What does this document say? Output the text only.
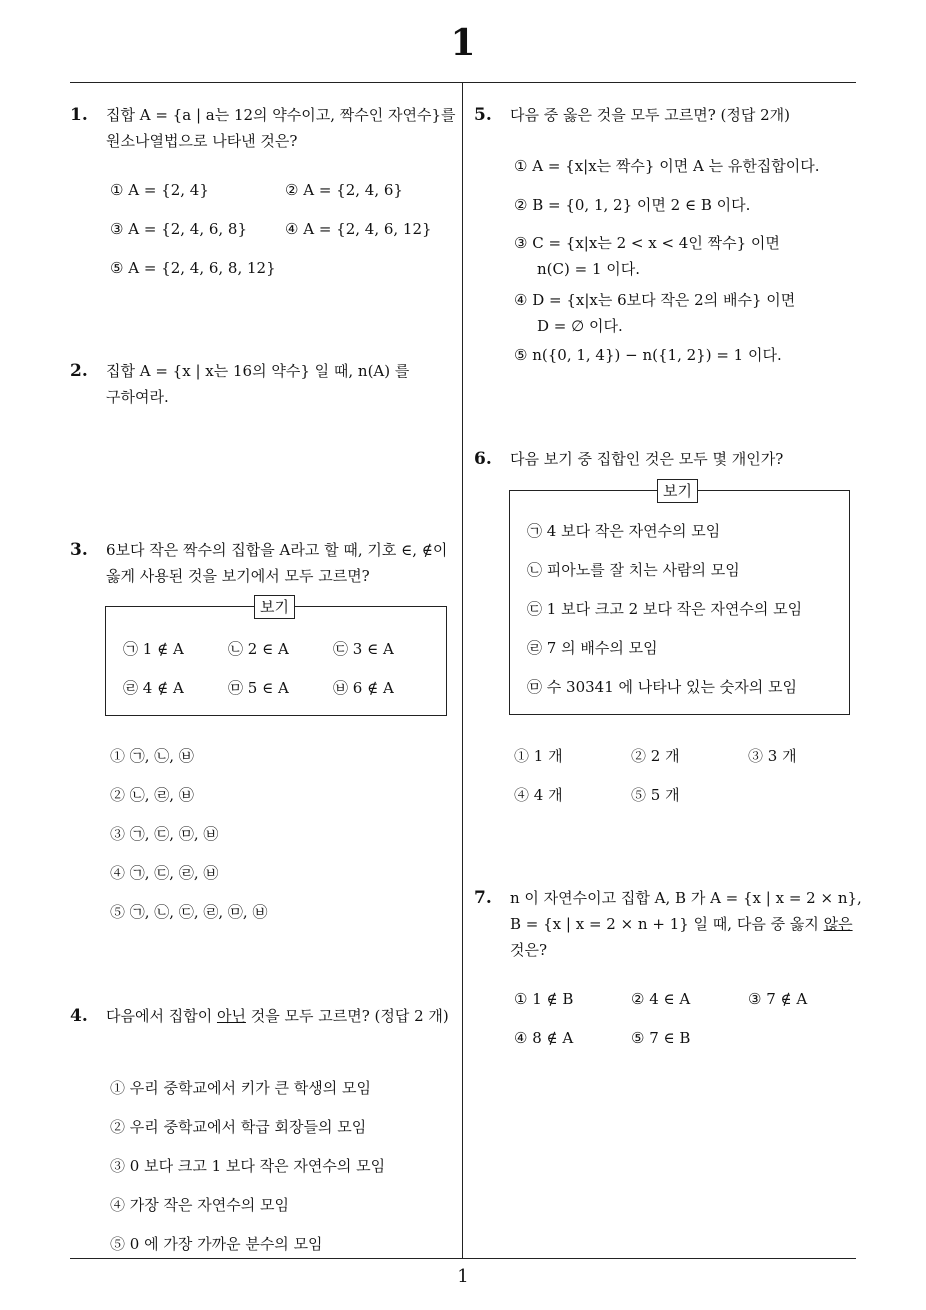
1
1
1. 집합 A = {a | a는 12의 약수이고, 짝수인 자연수}를
원소나열법으로 나타낸 것은?
① A = {2, 4}	② A = {2, 4, 6}
③ A = {2, 4, 6, 8}	④ A = {2, 4, 6, 12}
⑤ A = {2, 4, 6, 8, 12}
2. 집합 A = {x | x는 16의 약수} 일 때, n(A) 를
구하여라.
3. 6보다 작은 짝수의 집합을 A라고 할 때, 기호 ∈, ∉이
옳게 사용된 것을 보기에서 모두 고르면?
보기
㉠ 1 ∉ A	㉡ 2 ∈ A	㉢ 3 ∈ A
㉣ 4 ∉ A	㉤ 5 ∈ A	㉥ 6 ∉ A
① ㉠, ㉡, ㉥
② ㉡, ㉣, ㉥
③ ㉠, ㉢, ㉤, ㉥
④ ㉠, ㉢, ㉣, ㉥
⑤ ㉠, ㉡, ㉢, ㉣, ㉤, ㉥
4. 다음에서 집합이 아닌 것을 모두 고르면? (정답 2 개)
① 우리 중학교에서 키가 큰 학생의 모임
② 우리 중학교에서 학급 회장들의 모임
③ 0 보다 크고 1 보다 작은 자연수의 모임
④ 가장 작은 자연수의 모임
⑤ 0 에 가장 가까운 분수의 모임
5. 다음 중 옳은 것을 모두 고르면? (정답 2개)
① A = {x|x는 짝수} 이면 A 는 유한집합이다.
② B = {0, 1, 2} 이면 2 ∈ B 이다.
③ C = {x|x는 2 < x < 4인 짝수} 이면
n(C) = 1 이다.
④ D = {x|x는 6보다 작은 2의 배수} 이면
D = ∅ 이다.
⑤ n({0, 1, 4}) − n({1, 2}) = 1 이다.
6. 다음 보기 중 집합인 것은 모두 몇 개인가?
보기
㉠ 4 보다 작은 자연수의 모임
㉡ 피아노를 잘 치는 사람의 모임
㉢ 1 보다 크고 2 보다 작은 자연수의 모임
㉣ 7 의 배수의 모임
㉤ 수 30341 에 나타나 있는 숫자의 모임
① 1 개	② 2 개	③ 3 개
④ 4 개	⑤ 5 개
7. n 이 자연수이고 집합 A, B 가 A = {x | x = 2 × n},
B = {x | x = 2 × n + 1} 일 때, 다음 중 옳지 않은
것은?
① 1 ∉ B	② 4 ∈ A	③ 7 ∉ A
④ 8 ∉ A	⑤ 7 ∈ B
